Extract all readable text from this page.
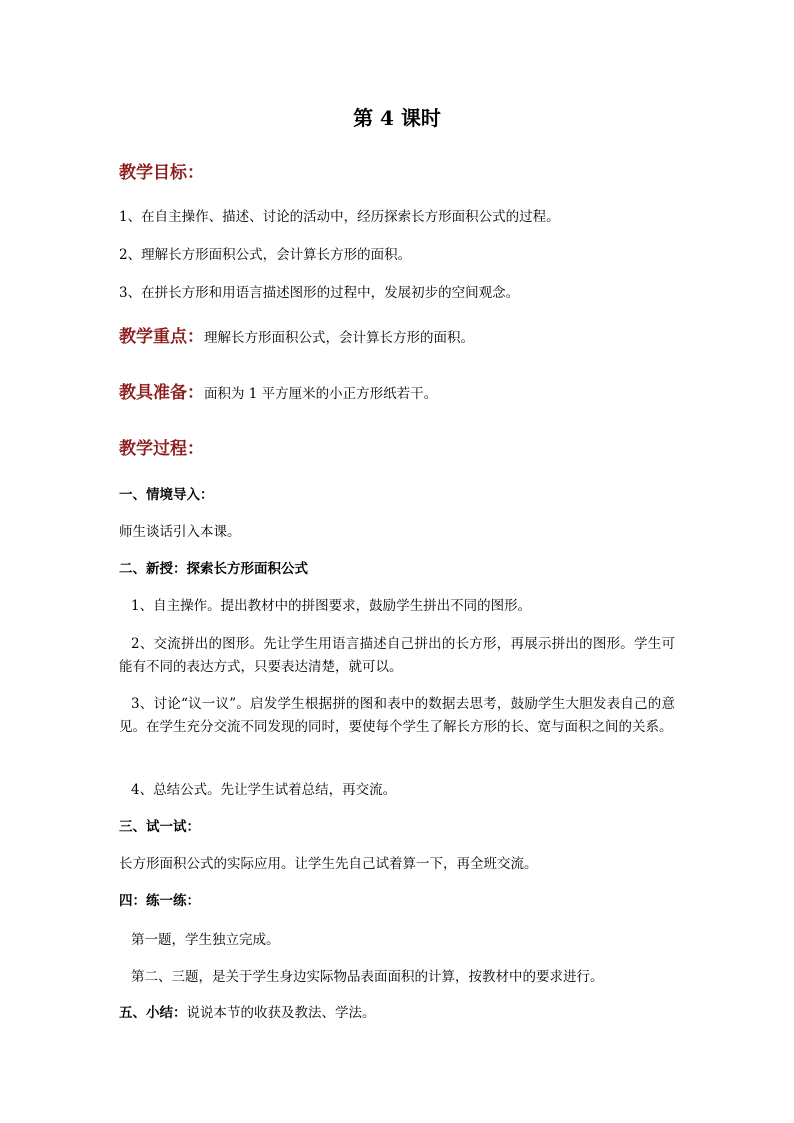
第 4 课时
教学目标：
1、在自主操作、描述、讨论的活动中，经历探索长方形面积公式的过程。
2、理解长方形面积公式，会计算长方形的面积。
3、在拼长方形和用语言描述图形的过程中，发展初步的空间观念。
教学重点：理解长方形面积公式，会计算长方形的面积。
教具准备：面积为 1 平方厘米的小正方形纸若干。
教学过程：
一、情境导入：
师生谈话引入本课。
二、新授：探索长方形面积公式
1、自主操作。提出教材中的拼图要求，鼓励学生拼出不同的图形。
2、交流拼出的图形。先让学生用语言描述自己拼出的长方形，再展示拼出的图形。学生可能有不同的表达方式，只要表达清楚，就可以。
3、讨论“议一议”。启发学生根据拼的图和表中的数据去思考，鼓励学生大胆发表自己的意见。在学生充分交流不同发现的同时，要使每个学生了解长方形的长、宽与面积之间的关系。
4、总结公式。先让学生试着总结，再交流。
三、试一试：
长方形面积公式的实际应用。让学生先自己试着算一下，再全班交流。
四：练一练：
第一题，学生独立完成。
第二、三题，是关于学生身边实际物品表面面积的计算，按教材中的要求进行。
五、小结：说说本节的收获及教法、学法。
